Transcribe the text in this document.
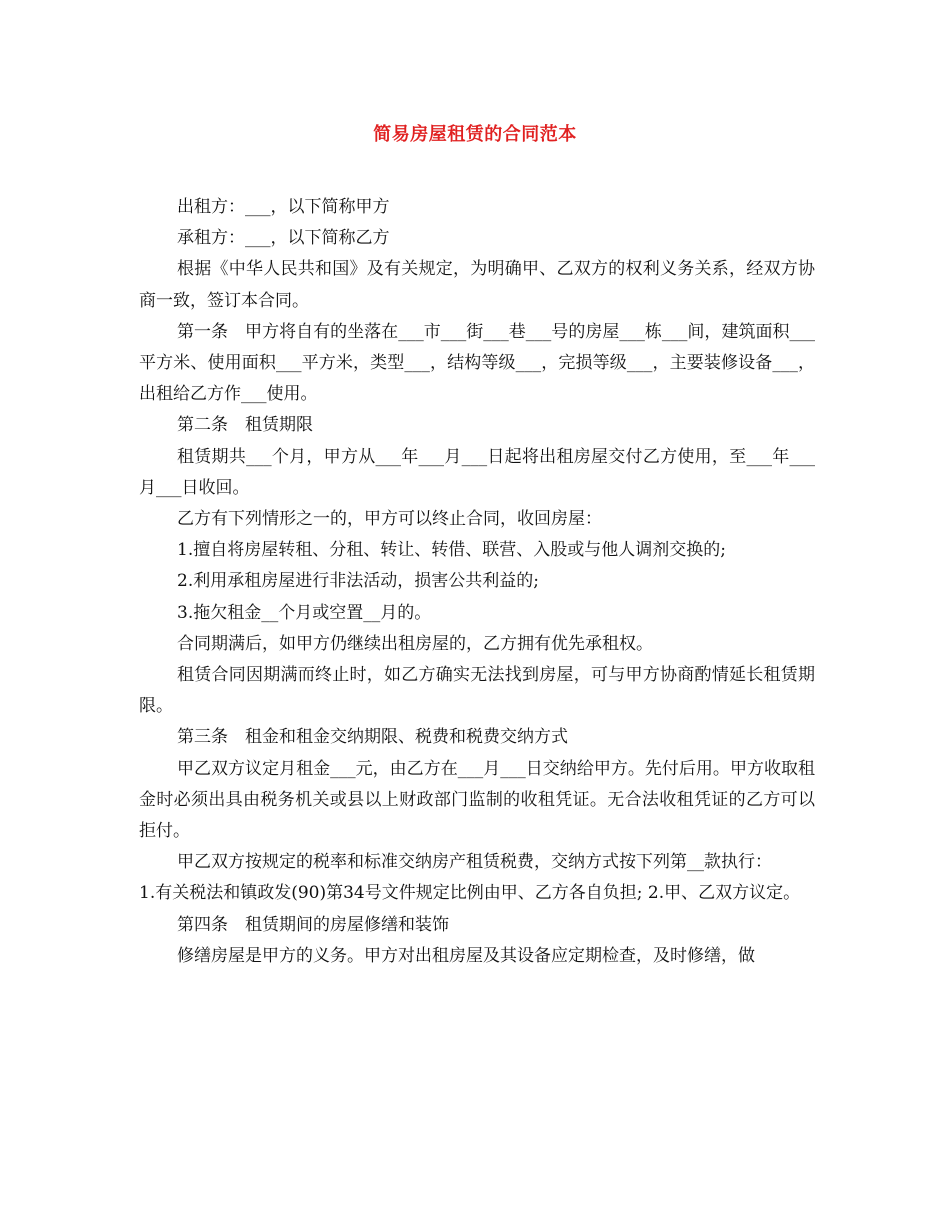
简易房屋租赁的合同范本

出租方：___，以下简称甲方

承租方：___，以下简称乙方

根据《中华人民共和国》及有关规定，为明确甲、乙双方的权利义务关系，经双方协商一致，签订本合同。

第一条　甲方将自有的坐落在___市___街___巷___号的房屋___栋___间，建筑面积___平方米、使用面积___平方米，类型___，结构等级___，完损等级___，主要装修设备___，出租给乙方作___使用。

第二条　租赁期限

租赁期共___个月，甲方从___年___月___日起将出租房屋交付乙方使用，至___年___月___日收回。

乙方有下列情形之一的，甲方可以终止合同，收回房屋：

1.擅自将房屋转租、分租、转让、转借、联营、入股或与他人调剂交换的;

2.利用承租房屋进行非法活动，损害公共利益的;

3.拖欠租金__个月或空置__月的。

合同期满后，如甲方仍继续出租房屋的，乙方拥有优先承租权。

租赁合同因期满而终止时，如乙方确实无法找到房屋，可与甲方协商酌情延长租赁期限。

第三条　租金和租金交纳期限、税费和税费交纳方式

甲乙双方议定月租金___元，由乙方在___月___日交纳给甲方。先付后用。甲方收取租金时必须出具由税务机关或县以上财政部门监制的收租凭证。无合法收租凭证的乙方可以拒付。

甲乙双方按规定的税率和标准交纳房产租赁税费，交纳方式按下列第__款执行：

1.有关税法和镇政发(90)第34号文件规定比例由甲、乙方各自负担; 2.甲、乙双方议定。

第四条　租赁期间的房屋修缮和装饰

修缮房屋是甲方的义务。甲方对出租房屋及其设备应定期检查，及时修缮，做
